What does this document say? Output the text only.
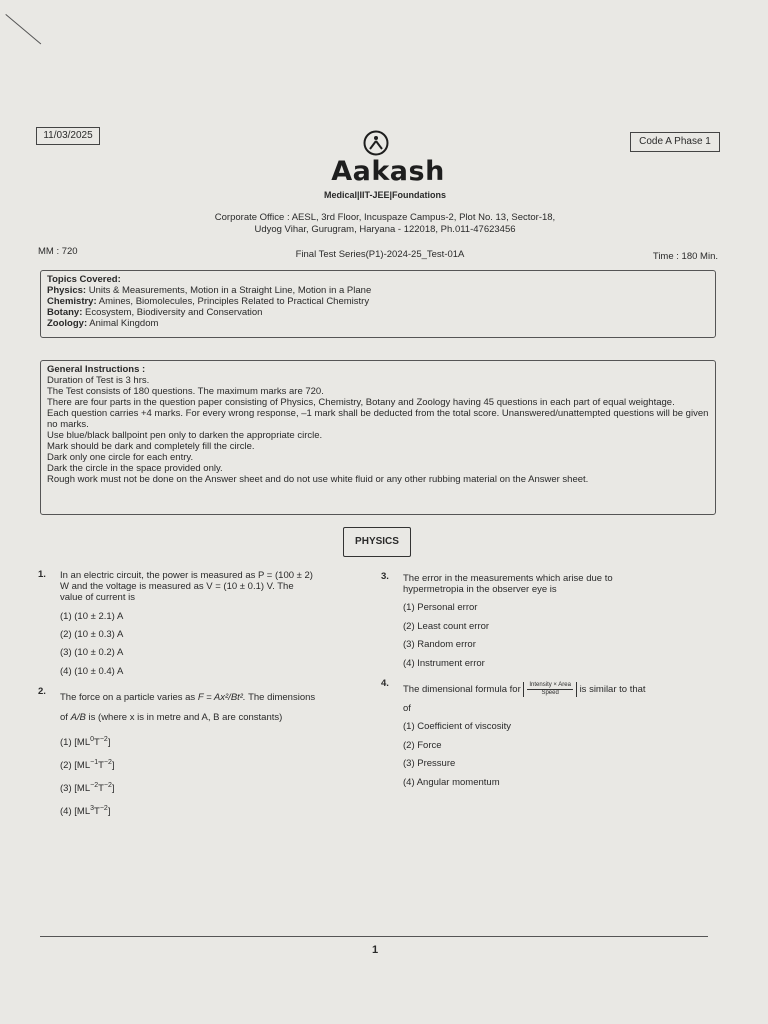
11/03/2025
Code A Phase 1
Aakash
Medical|IIT-JEE|Foundations
Corporate Office : AESL, 3rd Floor, Incuspaze Campus-2, Plot No. 13, Sector-18,
Udyog Vihar, Gurugram, Haryana - 122018, Ph.011-47623456
MM : 720	Final Test Series(P1)-2024-25_Test-01A	Time : 180 Min.
Topics Covered:
Physics: Units & Measurements, Motion in a Straight Line, Motion in a Plane
Chemistry: Amines, Biomolecules, Principles Related to Practical Chemistry
Botany: Ecosystem, Biodiversity and Conservation
Zoology: Animal Kingdom
General Instructions :
Duration of Test is 3 hrs.
The Test consists of 180 questions. The maximum marks are 720.
There are four parts in the question paper consisting of Physics, Chemistry, Botany and Zoology having 45 questions in each part of equal weightage.
Each question carries +4 marks. For every wrong response, –1 mark shall be deducted from the total score. Unanswered/unattempted questions will be given no marks.
Use blue/black ballpoint pen only to darken the appropriate circle.
Mark should be dark and completely fill the circle.
Dark only one circle for each entry.
Dark the circle in the space provided only.
Rough work must not be done on the Answer sheet and do not use white fluid or any other rubbing material on the Answer sheet.
PHYSICS
1. In an electric circuit, the power is measured as P = (100 ± 2)
W and the voltage is measured as V = (10 ± 0.1) V. The
value of current is
(1) (10 ± 2.1) A
(2) (10 ± 0.3) A
(3) (10 ± 0.2) A
(4) (10 ± 0.4) A
2.
The force on a particle varies as F = Ax²/Bt². The dimensions
of A/B is (where x is in metre and A, B are constants)
(1) $[ML^0T^{-2}]$
(2) $[ML^{-1}T^{-2}]$
(3) $[ML^{-2}T^{-2}]$
(4) $[ML^3T^{-2}]$
3. The error in the measurements which arise due to
hypermetropia in the observer eye is
(1) Personal error
(2) Least count error
(3) Random error
(4) Instrument error
4.
The dimensional formula for $\frac{\text{Intensity × Area}}{\text{Speed}}$ is similar to that
of
(1) Coefficient of viscosity
(2) Force
(3) Pressure
(4) Angular momentum
1
